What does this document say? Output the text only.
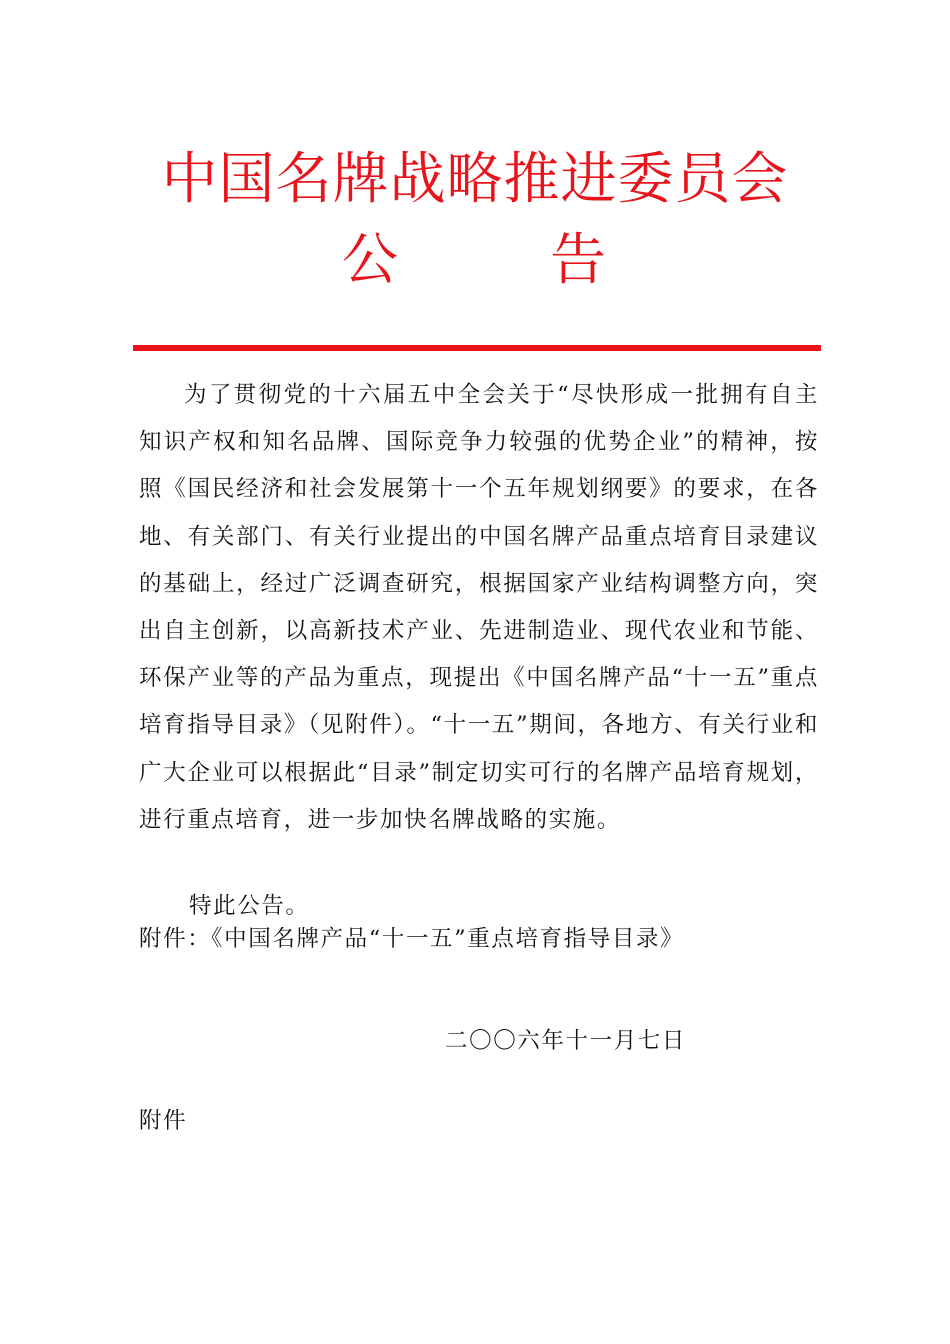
中国名牌战略推进委员会
公	告

为了贯彻党的十六届五中全会关于“尽快形成一批拥有自主知识产权和知名品牌、国际竞争力较强的优势企业”的精神，按照《国民经济和社会发展第十一个五年规划纲要》的要求，在各地、有关部门、有关行业提出的中国名牌产品重点培育目录建议的基础上，经过广泛调查研究，根据国家产业结构调整方向，突出自主创新，以高新技术产业、先进制造业、现代农业和节能、环保产业等的产品为重点，现提出《中国名牌产品“十一五”重点培育指导目录》（见附件）。“十一五”期间，各地方、有关行业和广大企业可以根据此“目录”制定切实可行的名牌产品培育规划，进行重点培育，进一步加快名牌战略的实施。

特此公告。

附件：《中国名牌产品“十一五”重点培育指导目录》

二〇〇六年十一月七日

附件
